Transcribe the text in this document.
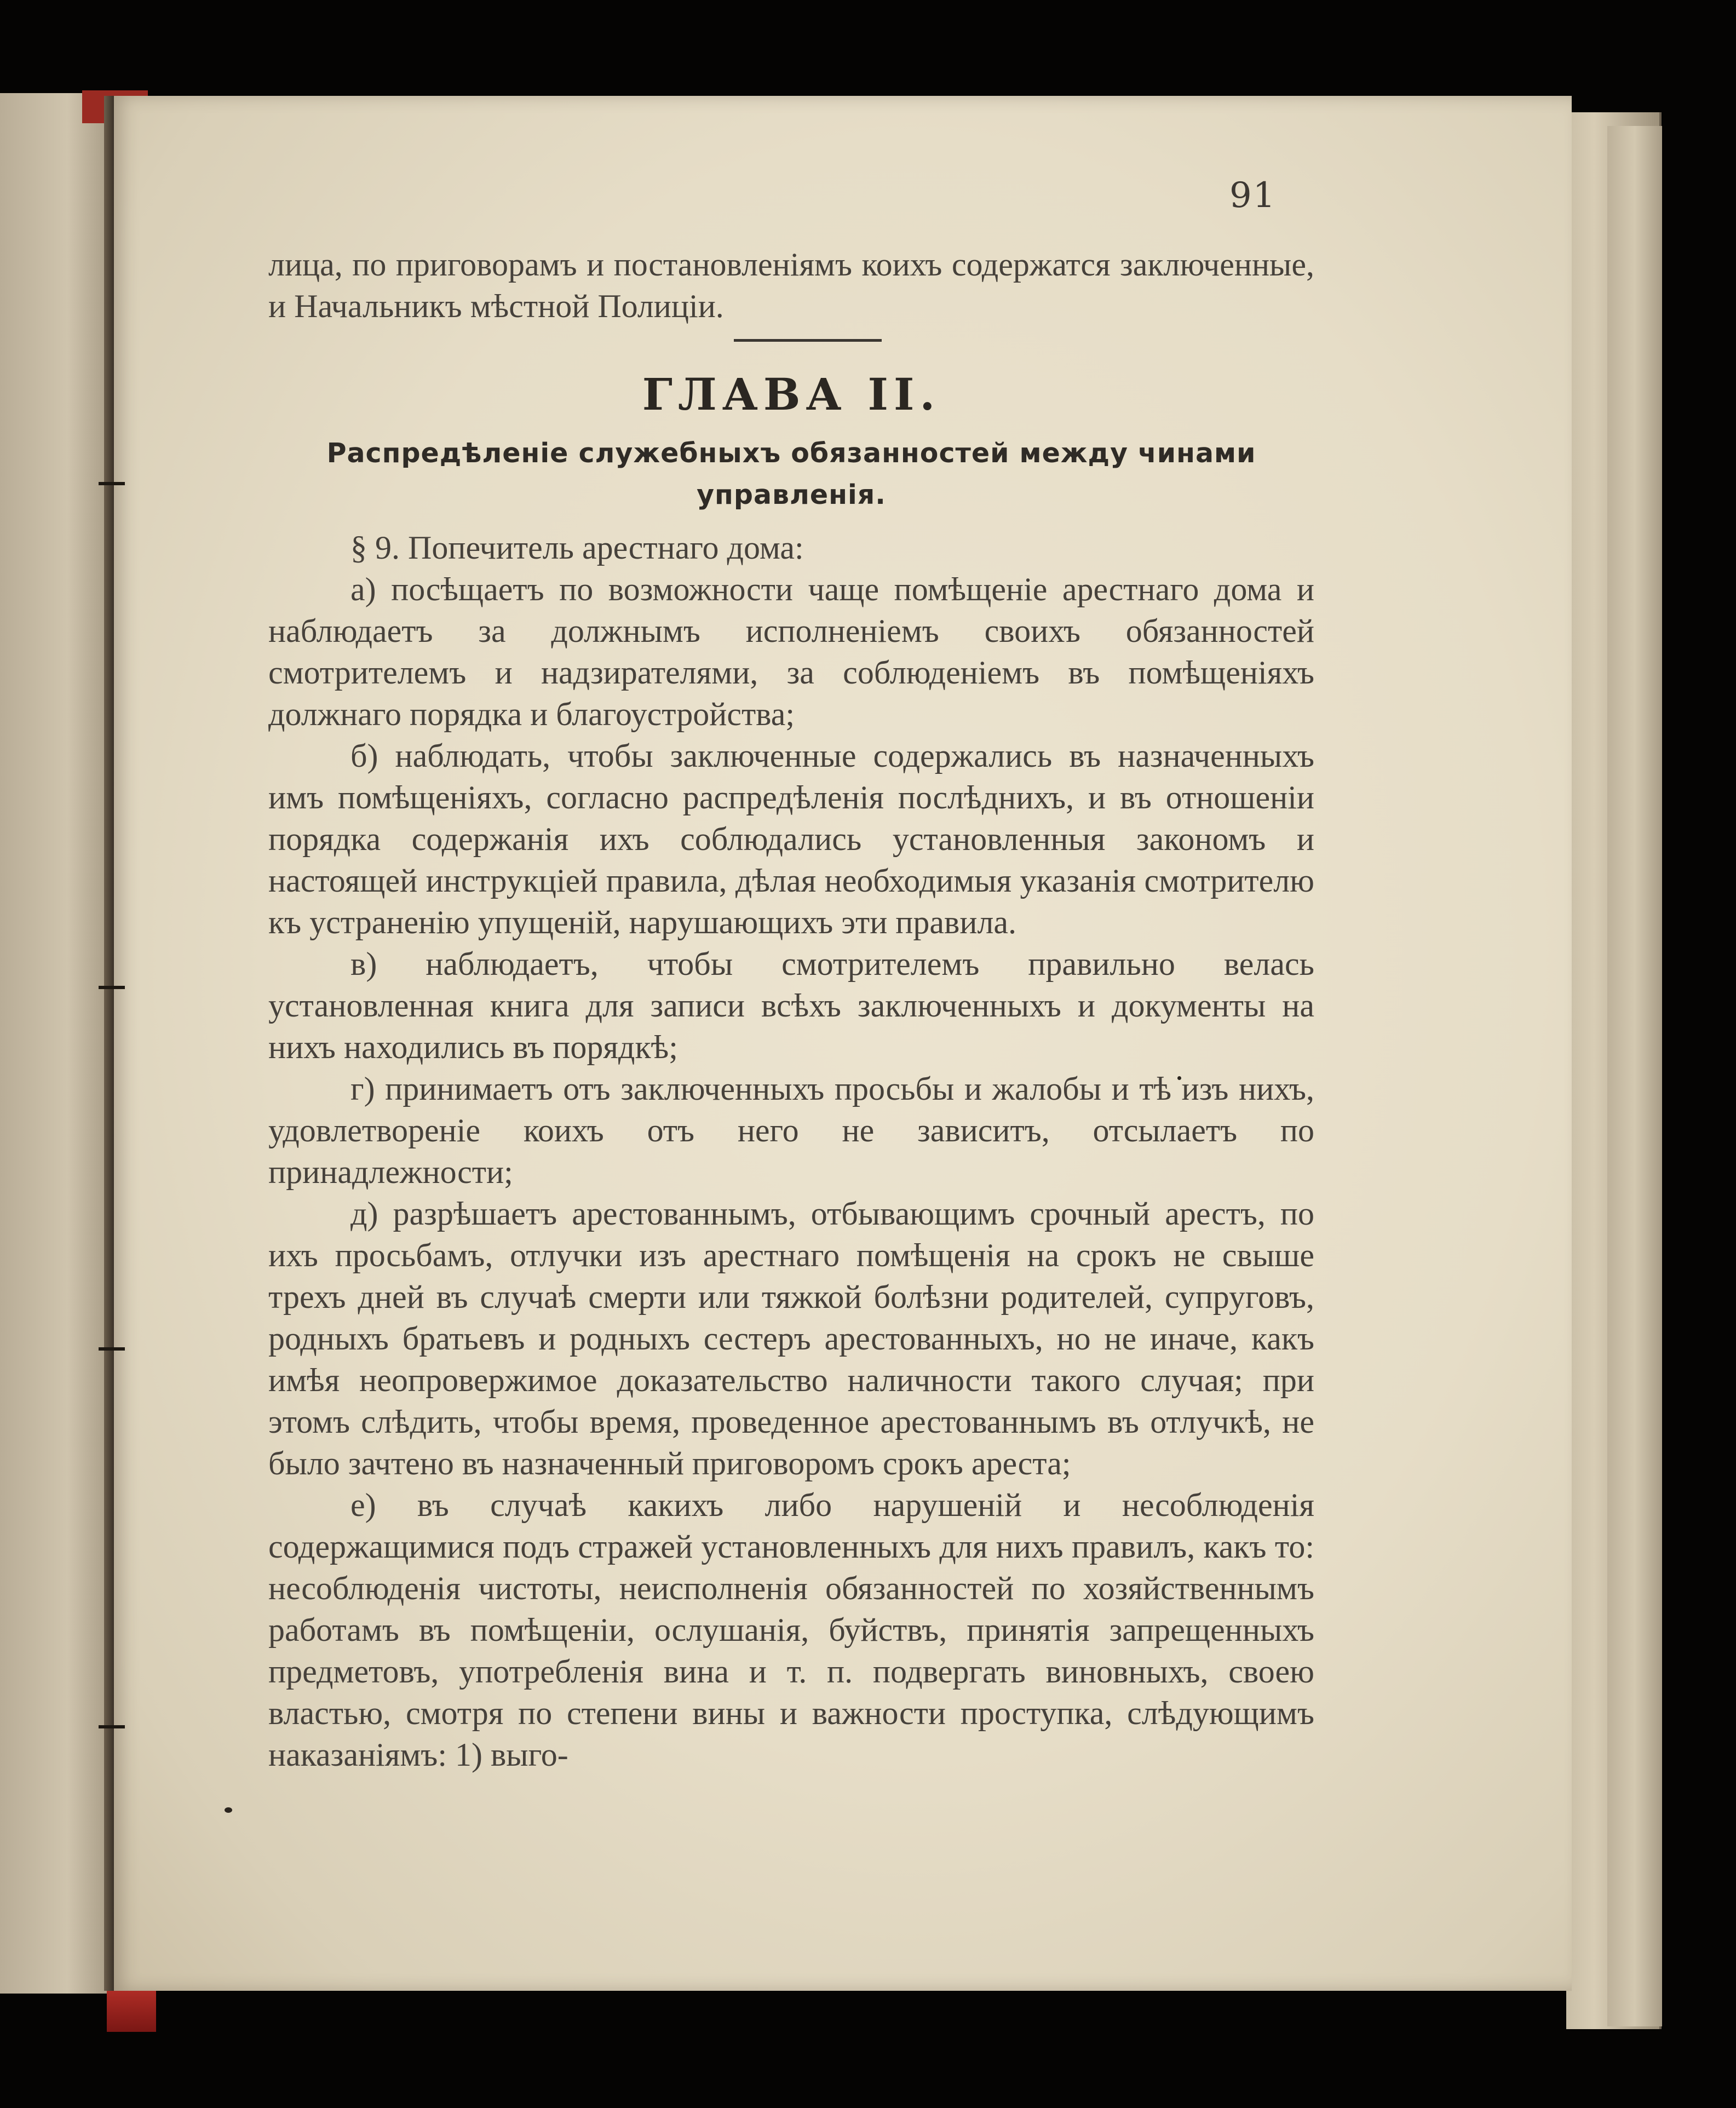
91

лица, по приговорамъ и постановленіямъ коихъ содержатся заключенные, и Начальникъ мѣстной Полиціи.

ГЛАВА II.
Распредѣленіе служебныхъ обязанностей между чинами управленія.

§ 9. Попечитель арестнаго дома:

а) посѣщаетъ по возможности чаще помѣщеніе арестнаго дома и наблюдаетъ за должнымъ исполненіемъ своихъ обязанностей смотрителемъ и надзирателями, за соблюденіемъ въ помѣщеніяхъ должнаго порядка и благоустройства;

б) наблюдать, чтобы заключенные содержались въ назначенныхъ имъ помѣщеніяхъ, согласно распредѣленія послѣднихъ, и въ отношеніи порядка содержанія ихъ соблюдались установленныя закономъ и настоящей инструкціей правила, дѣлая необходимыя указанія смотрителю къ устраненію упущеній, нарушающихъ эти правила.

в) наблюдаетъ, чтобы смотрителемъ правильно велась установленная книга для записи всѣхъ заключенныхъ и документы на нихъ находились въ порядкѣ;

г) принимаетъ отъ заключенныхъ просьбы и жалобы и тѣ изъ нихъ, удовлетвореніе коихъ отъ него не зависитъ, отсылаетъ по принадлежности;

д) разрѣшаетъ арестованнымъ, отбывающимъ срочный арестъ, по ихъ просьбамъ, отлучки изъ арестнаго помѣщенія на срокъ не свыше трехъ дней въ случаѣ смерти или тяжкой болѣзни родителей, супруговъ, родныхъ братьевъ и родныхъ сестеръ арестованныхъ, но не иначе, какъ имѣя неопровержимое доказательство наличности такого случая; при этомъ слѣдить, чтобы время, проведенное арестованнымъ въ отлучкѣ, не было зачтено въ назначенный приговоромъ срокъ ареста;

е) въ случаѣ какихъ либо нарушеній и несоблюденія содержащимися подъ стражей установленныхъ для нихъ правилъ, какъ то: несоблюденія чистоты, неисполненія обязанностей по хозяйственнымъ работамъ въ помѣщеніи, ослушанія, буйствъ, принятія запрещенныхъ предметовъ, употребленія вина и т. п. подвергать виновныхъ, своею властью, смотря по степени вины и важности проступка, слѣдующимъ наказаніямъ: 1) выго-
